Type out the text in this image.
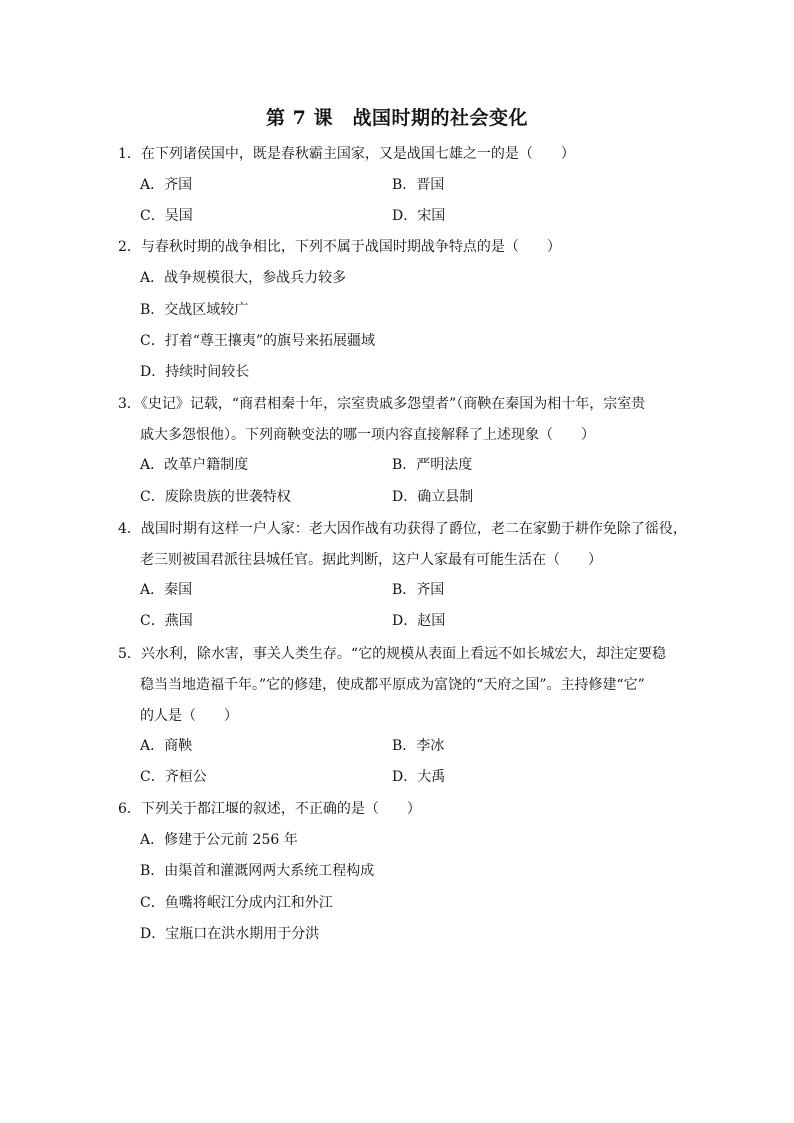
第 7 课　战国时期的社会变化
1．在下列诸侯国中，既是春秋霸主国家，又是战国七雄之一的是（　　）
A．齐国	B．晋国
C．吴国	D．宋国
2．与春秋时期的战争相比，下列不属于战国时期战争特点的是（　　）
A．战争规模很大，参战兵力较多
B．交战区域较广
C．打着“尊王攘夷”的旗号来拓展疆域
D．持续时间较长
3．《史记》记载，“商君相秦十年，宗室贵戚多怨望者”（商鞅在秦国为相十年，宗室贵
戚大多怨恨他）。下列商鞅变法的哪一项内容直接解释了上述现象（　　）
A．改革户籍制度	B．严明法度
C．废除贵族的世袭特权	D．确立县制
4．战国时期有这样一户人家：老大因作战有功获得了爵位，老二在家勤于耕作免除了徭役，
老三则被国君派往县城任官。据此判断，这户人家最有可能生活在（　　）
A．秦国	B．齐国
C．燕国	D．赵国
5．兴水利，除水害，事关人类生存。“它的规模从表面上看远不如长城宏大，却注定要稳
稳当当地造福千年。”它的修建，使成都平原成为富饶的“天府之国”。主持修建“它”
的人是（　　）
A．商鞅	B．李冰
C．齐桓公	D．大禹
6．下列关于都江堰的叙述，不正确的是（　　）
A．修建于公元前 256 年
B．由渠首和灌溉网两大系统工程构成
C．鱼嘴将岷江分成内江和外江
D．宝瓶口在洪水期用于分洪
